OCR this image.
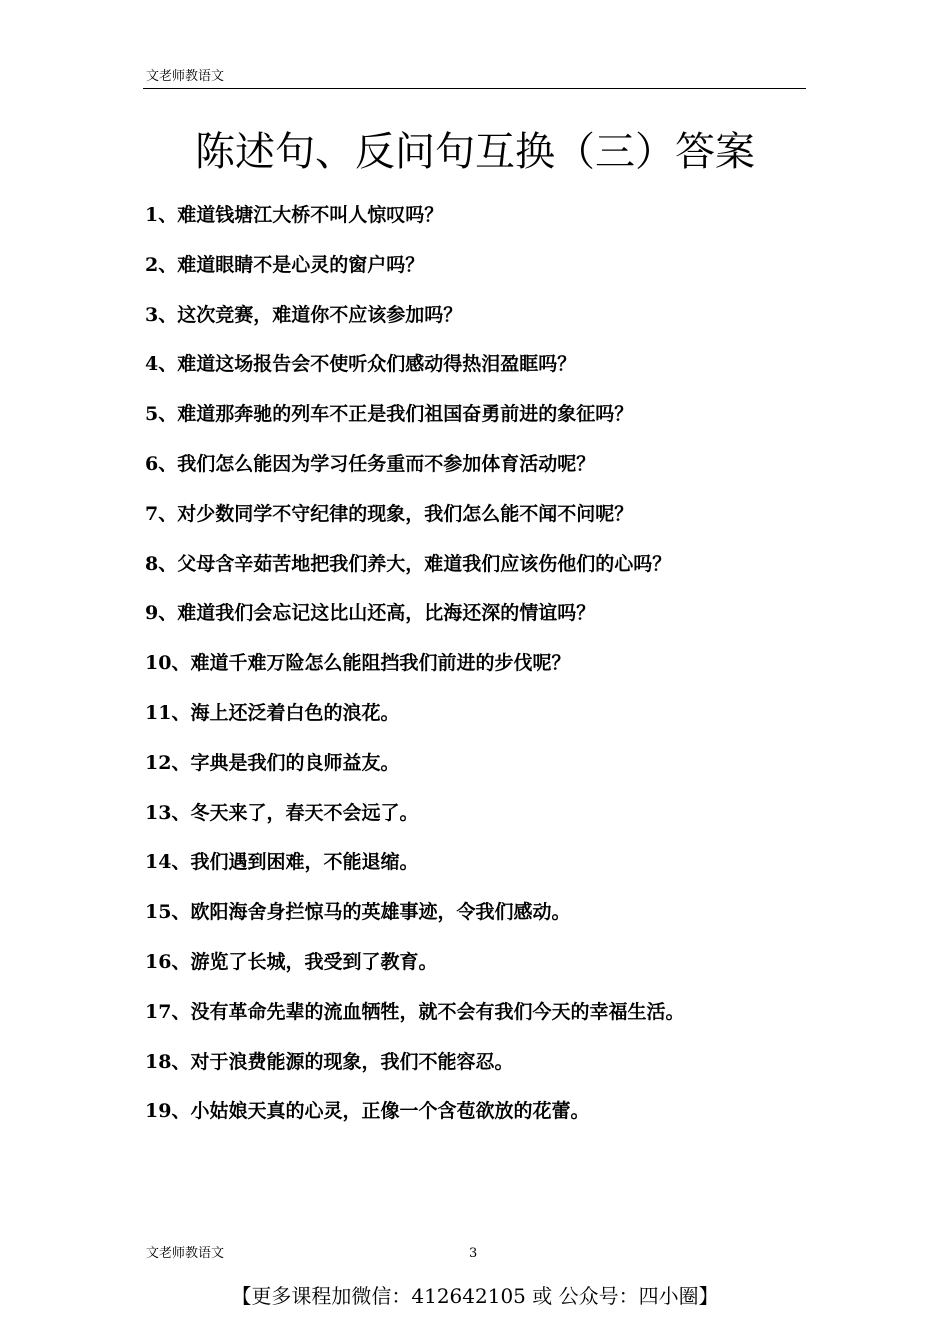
文老师教语文
陈述句、反问句互换（三）答案
1、难道钱塘江大桥不叫人惊叹吗？
2、难道眼睛不是心灵的窗户吗？
3、这次竞赛，难道你不应该参加吗？
4、难道这场报告会不使听众们感动得热泪盈眶吗？
5、难道那奔驰的列车不正是我们祖国奋勇前进的象征吗？
6、我们怎么能因为学习任务重而不参加体育活动呢？
7、对少数同学不守纪律的现象，我们怎么能不闻不问呢？
8、父母含辛茹苦地把我们养大，难道我们应该伤他们的心吗？
9、难道我们会忘记这比山还高，比海还深的情谊吗？
10、难道千难万险怎么能阻挡我们前进的步伐呢？
11、海上还泛着白色的浪花。
12、字典是我们的良师益友。
13、冬天来了，春天不会远了。
14、我们遇到困难，不能退缩。
15、欧阳海舍身拦惊马的英雄事迹，令我们感动。
16、游览了长城，我受到了教育。
17、没有革命先辈的流血牺牲，就不会有我们今天的幸福生活。
18、对于浪费能源的现象，我们不能容忍。
19、小姑娘天真的心灵，正像一个含苞欲放的花蕾。
文老师教语文	3
【更多课程加微信：412642105 或 公众号：四小圈】
